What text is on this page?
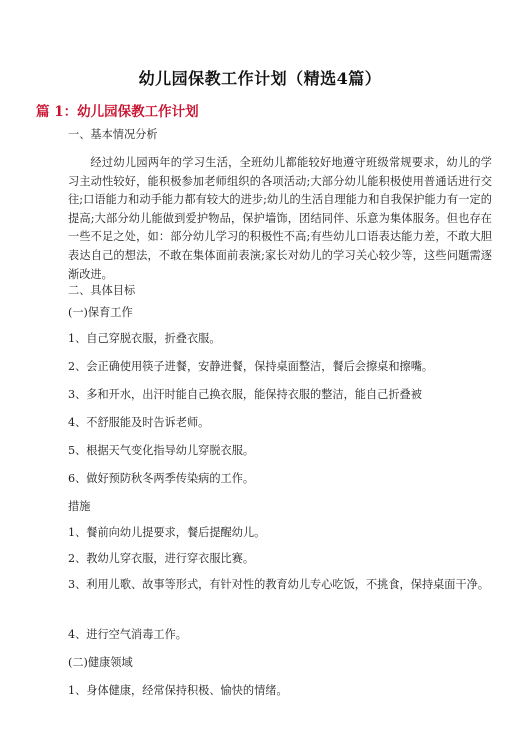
幼儿园保教工作计划（精选4篇）
篇 1：幼儿园保教工作计划
一、基本情况分析
经过幼儿园两年的学习生活，全班幼儿都能较好地遵守班级常规要求，幼儿的学习主动性较好，能积极参加老师组织的各项活动;大部分幼儿能积极使用普通话进行交往;口语能力和动手能力都有较大的进步;幼儿的生活自理能力和自我保护能力有一定的提高;大部分幼儿能做到爱护物品，保护墙饰，团结同伴、乐意为集体服务。但也存在一些不足之处，如：部分幼儿学习的积极性不高;有些幼儿口语表达能力差，不敢大胆表达自己的想法，不敢在集体面前表演;家长对幼儿的学习关心较少等，这些问题需逐渐改进。
二、具体目标
(一)保育工作
1、自己穿脱衣服，折叠衣服。
2、会正确使用筷子进餐，安静进餐，保持桌面整洁，餐后会擦桌和擦嘴。
3、多和开水，出汗时能自己换衣服，能保持衣服的整洁，能自己折叠被
4、不舒服能及时告诉老师。
5、根据天气变化指导幼儿穿脱衣服。
6、做好预防秋冬两季传染病的工作。
措施
1、餐前向幼儿提要求，餐后提醒幼儿。
2、教幼儿穿衣服，进行穿衣服比赛。
3、利用儿歌、故事等形式，有针对性的教育幼儿专心吃饭，不挑食，保持桌面干净。
4、进行空气消毒工作。
(二)健康领域
1、身体健康，经常保持积极、愉快的情绪。
